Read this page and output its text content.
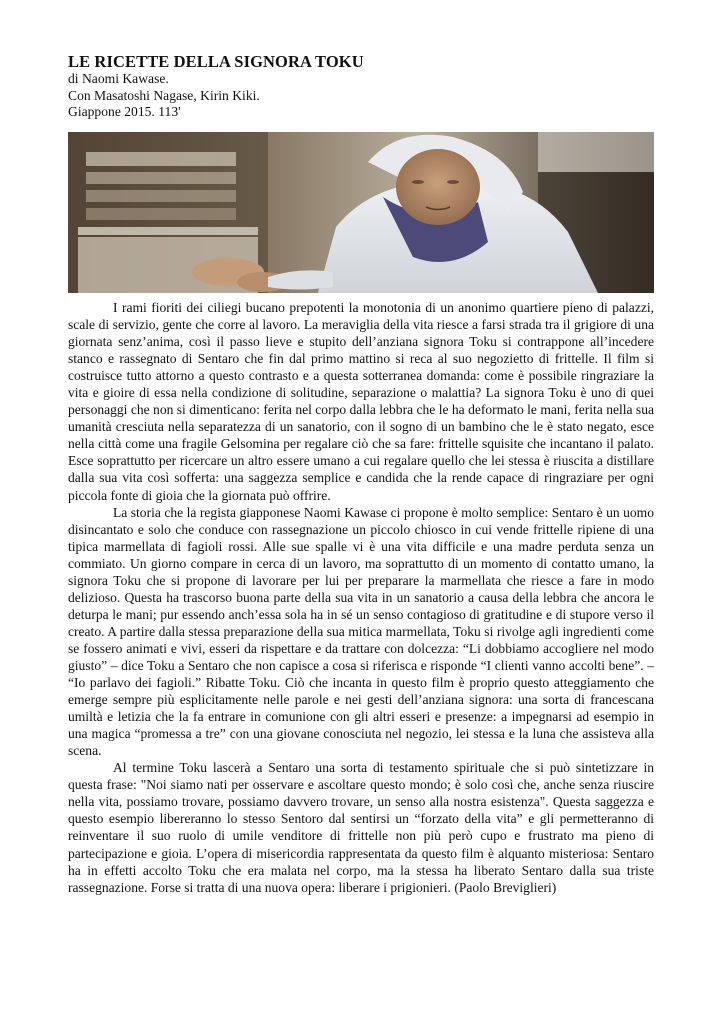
LE RICETTE DELLA SIGNORA TOKU

di Naomi Kawase.

Con Masatoshi Nagase, Kirin Kiki.

Giappone 2015. 113'

I rami fioriti dei ciliegi bucano prepotenti la monotonia di un anonimo quartiere pieno di palazzi, scale di servizio, gente che corre al lavoro. La meraviglia della vita riesce a farsi strada tra il grigiore di una giornata senz’anima, così il passo lieve e stupito dell’anziana signora Toku si contrappone all’incedere stanco e rassegnato di Sentaro che fin dal primo mattino si reca al suo negozietto di frittelle. Il film si costruisce tutto attorno a questo contrasto e a questa sotterranea domanda: come è possibile ringraziare la vita e gioire di essa nella condizione di solitudine, separazione o malattia? La signora Toku è uno di quei personaggi che non si dimenticano: ferita nel corpo dalla lebbra che le ha deformato le mani, ferita nella sua umanità cresciuta nella separatezza di un sanatorio, con il sogno di un bambino che le è stato negato, esce nella città come una fragile Gelsomina per regalare ciò che sa fare: frittelle squisite che incantano il palato. Esce soprattutto per ricercare un altro essere umano a cui regalare quello che lei stessa è riuscita a distillare dalla sua vita così sofferta: una saggezza semplice e candida che la rende capace di ringraziare per ogni piccola fonte di gioia che la giornata può offrire.

La storia che la regista giapponese Naomi Kawase ci propone è molto semplice: Sentaro è un uomo disincantato e solo che conduce con rassegnazione un piccolo chiosco in cui vende frittelle ripiene di una tipica marmellata di fagioli rossi. Alle sue spalle vi è una vita difficile e una madre perduta senza un commiato. Un giorno compare in cerca di un lavoro, ma soprattutto di un momento di contatto umano, la signora Toku che si propone di lavorare per lui per preparare la marmellata che riesce a fare in modo delizioso. Questa ha trascorso buona parte della sua vita in un sanatorio a causa della lebbra che ancora le deturpa le mani; pur essendo anch’essa sola ha in sé un senso contagioso di gratitudine e di stupore verso il creato. A partire dalla stessa preparazione della sua mitica marmellata, Toku si rivolge agli ingredienti come se fossero animati e vivi, esseri da rispettare e da trattare con dolcezza: “Li dobbiamo accogliere nel modo giusto” – dice Toku a Sentaro che non capisce a cosa si riferisca e risponde “I clienti vanno accolti bene”. – “Io parlavo dei fagioli.” Ribatte Toku. Ciò che incanta in questo film è proprio questo atteggiamento che emerge sempre più esplicitamente nelle parole e nei gesti dell’anziana signora: una sorta di francescana umiltà e letizia che la fa entrare in comunione con gli altri esseri e presenze: a impegnarsi ad esempio in una magica “promessa a tre” con una giovane conosciuta nel negozio, lei stessa e la luna che assisteva alla scena.

Al termine Toku lascerà a Sentaro una sorta di testamento spirituale che si può sintetizzare in questa frase: "Noi siamo nati per osservare e ascoltare questo mondo; è solo così che, anche senza riuscire nella vita, possiamo trovare, possiamo davvero trovare, un senso alla nostra esistenza". Questa saggezza e questo esempio libereranno lo stesso Sentoro dal sentirsi un “forzato della vita” e gli permetteranno di reinventare il suo ruolo di umile venditore di frittelle non più però cupo e frustrato ma pieno di partecipazione e gioia. L’opera di misericordia rappresentata da questo film è alquanto misteriosa: Sentaro ha in effetti accolto Toku che era malata nel corpo, ma la stessa ha liberato Sentaro dalla sua triste rassegnazione. Forse si tratta di una nuova opera: liberare i prigionieri. (Paolo Breviglieri)
